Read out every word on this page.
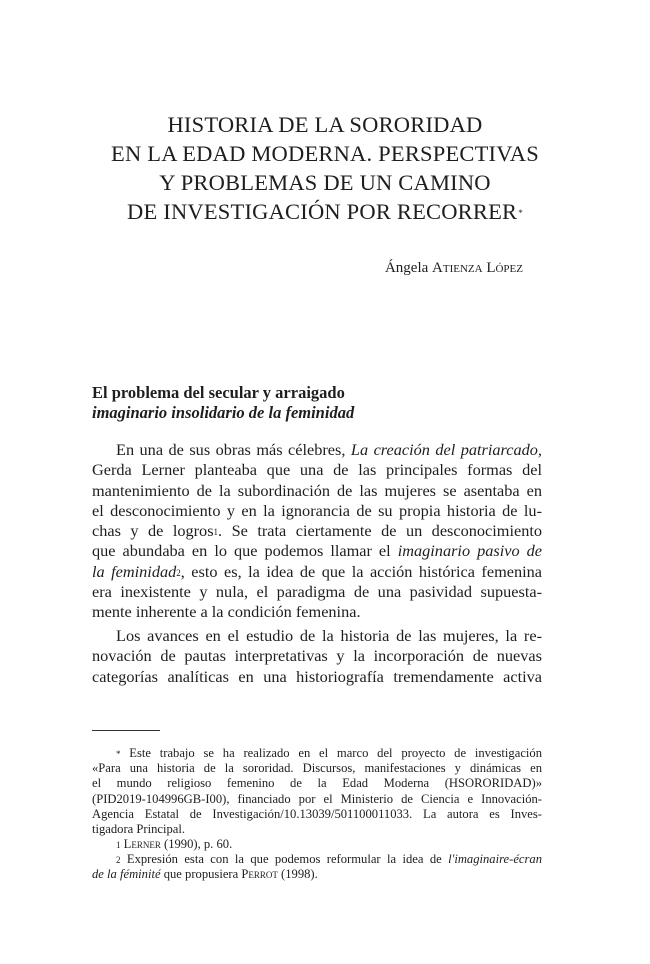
HISTORIA DE LA SORORIDAD
EN LA EDAD MODERNA. PERSPECTIVAS
Y PROBLEMAS DE UN CAMINO
DE INVESTIGACIÓN POR RECORRER*
Ángela Atienza López
El problema del secular y arraigado
imaginario insolidario de la feminidad
En una de sus obras más célebres, La creación del patriarcado,
Gerda Lerner planteaba que una de las principales formas del
mantenimiento de la subordinación de las mujeres se asentaba en
el desconocimiento y en la ignorancia de su propia historia de lu-
chas y de logros$^1$. Se trata ciertamente de un desconocimiento
que abundaba en lo que podemos llamar el imaginario pasivo de
la feminidad$^2$, esto es, la idea de que la acción histórica femenina
era inexistente y nula, el paradigma de una pasividad supuesta-
mente inherente a la condición femenina.
Los avances en el estudio de la historia de las mujeres, la re-
novación de pautas interpretativas y la incorporación de nuevas
categorías analíticas en una historiografía tremendamente activa
* Este trabajo se ha realizado en el marco del proyecto de investigación
«Para una historia de la sororidad. Discursos, manifestaciones y dinámicas en
el mundo religioso femenino de la Edad Moderna (HSORORIDAD)»
(PID2019-104996GB-I00), financiado por el Ministerio de Ciencia e Innovación-
Agencia Estatal de Investigación/10.13039/501100011033. La autora es Inves-
tigadora Principal.
$^1$ Lerner (1990), p. 60.
$^2$ Expresión esta con la que podemos reformular la idea de l'imaginaire-écran
de la féminité que propusiera Perrot (1998).
